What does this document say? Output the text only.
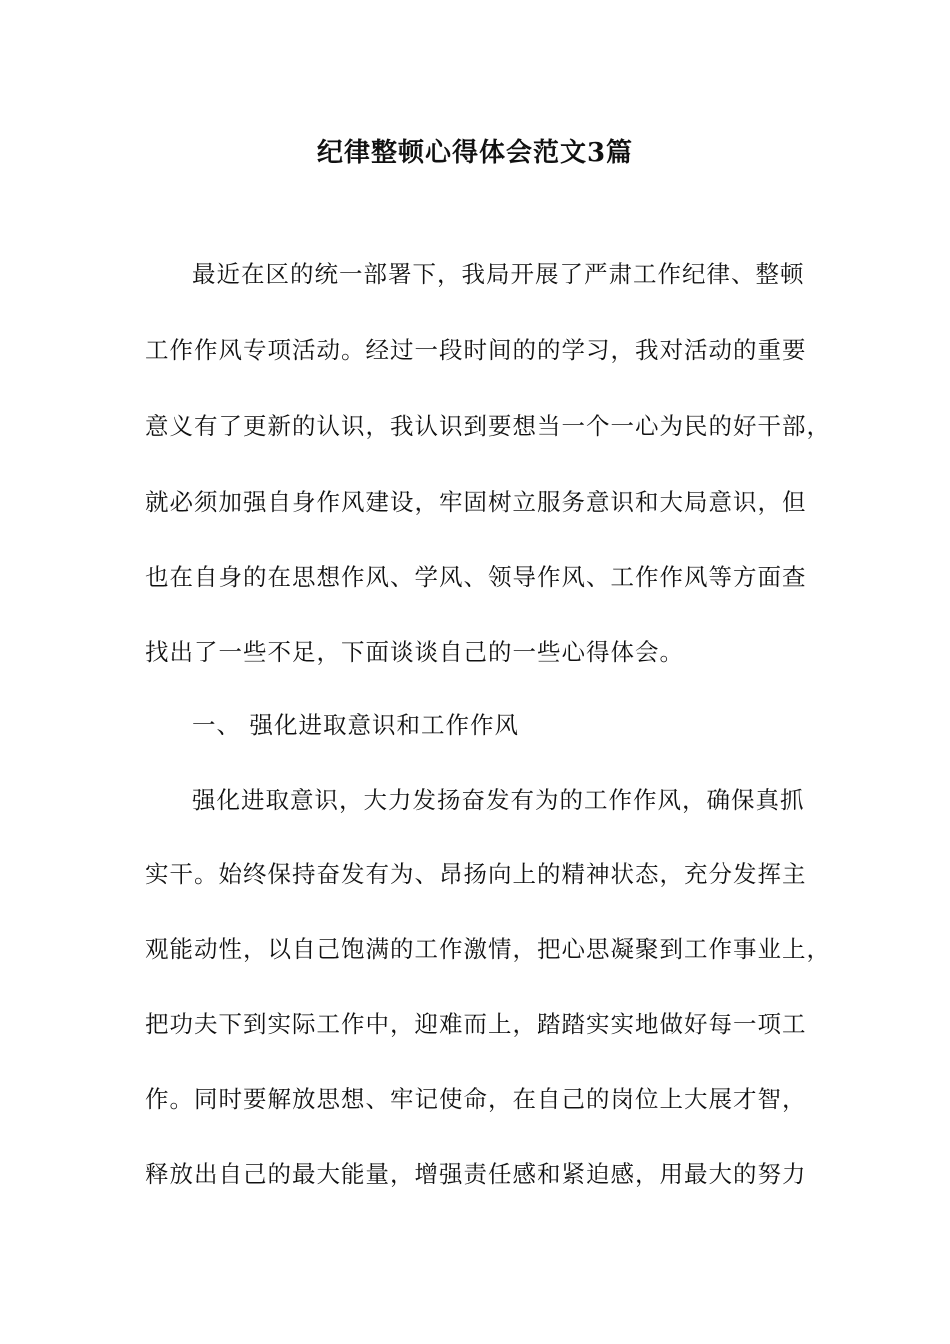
纪律整顿心得体会范文3篇
最近在区的统一部署下，我局开展了严肃工作纪律、整顿
工作作风专项活动。经过一段时间的的学习，我对活动的重要
意义有了更新的认识，我认识到要想当一个一心为民的好干部，
就必须加强自身作风建设，牢固树立服务意识和大局意识，但
也在自身的在思想作风、学风、领导作风、工作作风等方面查
找出了一些不足，下面谈谈自己的一些心得体会。
一、 强化进取意识和工作作风
强化进取意识，大力发扬奋发有为的工作作风，确保真抓
实干。始终保持奋发有为、昂扬向上的精神状态，充分发挥主
观能动性，以自己饱满的工作激情，把心思凝聚到工作事业上，
把功夫下到实际工作中，迎难而上，踏踏实实地做好每一项工
作。同时要解放思想、牢记使命，在自己的岗位上大展才智，
释放出自己的最大能量，增强责任感和紧迫感，用最大的努力
